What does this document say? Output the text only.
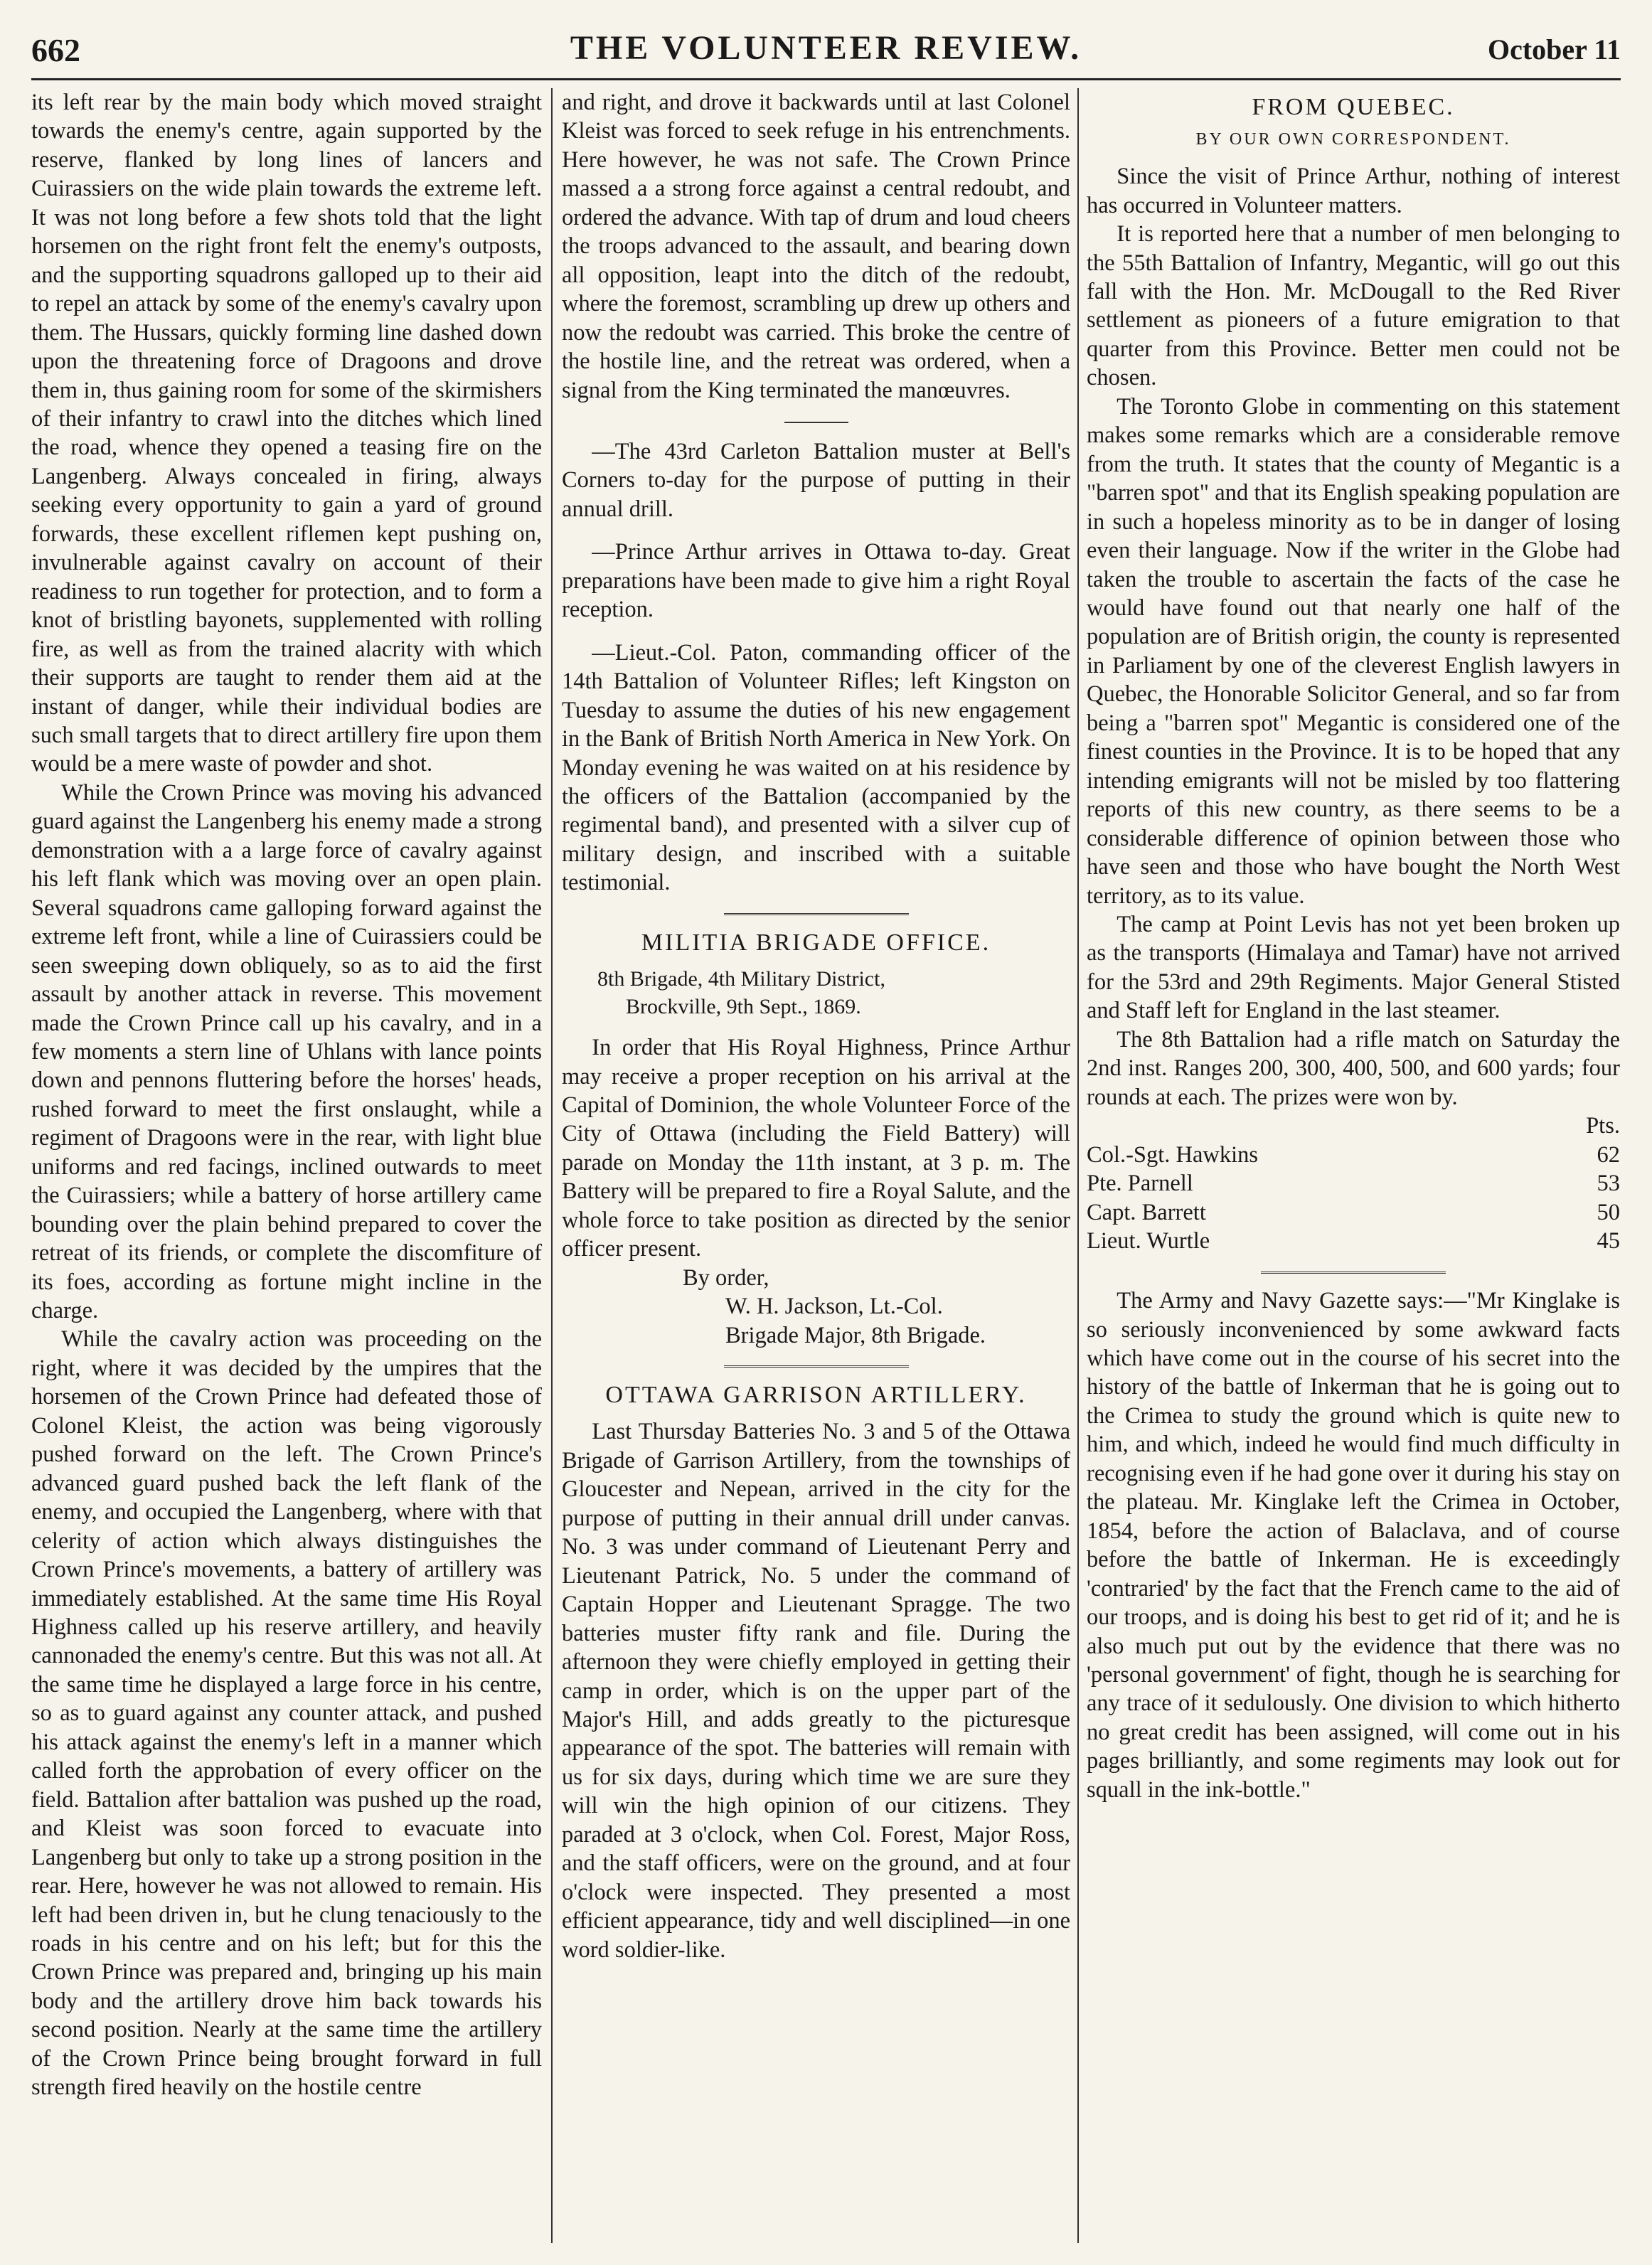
662	THE VOLUNTEER REVIEW.	October 11

its left rear by the main body which moved straight towards the enemy's centre, again supported by the reserve, flanked by long lines of lancers and Cuirassiers on the wide plain towards the extreme left. It was not long before a few shots told that the light horsemen on the right front felt the enemy's outposts, and the supporting squadrons galloped up to their aid to repel an attack by some of the enemy's cavalry upon them. The Hussars, quickly forming line dashed down upon the threatening force of Dragoons and drove them in, thus gaining room for some of the skirmishers of their infantry to crawl into the ditches which lined the road, whence they opened a teasing fire on the Langenberg. Always concealed in firing, always seeking every opportunity to gain a yard of ground forwards, these excellent riflemen kept pushing on, invulnerable against cavalry on account of their readiness to run together for protection, and to form a knot of bristling bayonets, supplemented with rolling fire, as well as from the trained alacrity with which their supports are taught to render them aid at the instant of danger, while their individual bodies are such small targets that to direct artillery fire upon them would be a mere waste of powder and shot.

While the Crown Prince was moving his advanced guard against the Langenberg his enemy made a strong demonstration with a a large force of cavalry against his left flank which was moving over an open plain. Several squadrons came galloping forward against the extreme left front, while a line of Cuirassiers could be seen sweeping down obliquely, so as to aid the first assault by another attack in reverse. This movement made the Crown Prince call up his cavalry, and in a few moments a stern line of Uhlans with lance points down and pennons fluttering before the horses' heads, rushed forward to meet the first onslaught, while a regiment of Dragoons were in the rear, with light blue uniforms and red facings, inclined outwards to meet the Cuirassiers; while a battery of horse artillery came bounding over the plain behind prepared to cover the retreat of its friends, or complete the discomfiture of its foes, according as fortune might incline in the charge.

While the cavalry action was proceeding on the right, where it was decided by the umpires that the horsemen of the Crown Prince had defeated those of Colonel Kleist, the action was being vigorously pushed forward on the left. The Crown Prince's advanced guard pushed back the left flank of the enemy, and occupied the Langenberg, where with that celerity of action which always distinguishes the Crown Prince's movements, a battery of artillery was immediately established. At the same time His Royal Highness called up his reserve artillery, and heavily cannonaded the enemy's centre. But this was not all. At the same time he displayed a large force in his centre, so as to guard against any counter attack, and pushed his attack against the enemy's left in a manner which called forth the approbation of every officer on the field. Battalion after battalion was pushed up the road, and Kleist was soon forced to evacuate into Langenberg but only to take up a strong position in the rear. Here, however he was not allowed to remain. His left had been driven in, but he clung tenaciously to the roads in his centre and on his left; but for this the Crown Prince was prepared and, bringing up his main body and the artillery drove him back towards his second position. Nearly at the same time the artillery of the Crown Prince being brought forward in full strength fired heavily on the hostile centre

and right, and drove it backwards until at last Colonel Kleist was forced to seek refuge in his entrenchments. Here however, he was not safe. The Crown Prince massed a a strong force against a central redoubt, and ordered the advance. With tap of drum and loud cheers the troops advanced to the assault, and bearing down all opposition, leapt into the ditch of the redoubt, where the foremost, scrambling up drew up others and now the redoubt was carried. This broke the centre of the hostile line, and the retreat was ordered, when a signal from the King terminated the manœuvres.

—The 43rd Carleton Battalion muster at Bell's Corners to-day for the purpose of putting in their annual drill.

—Prince Arthur arrives in Ottawa to-day. Great preparations have been made to give him a right Royal reception.

—Lieut.-Col. Paton, commanding officer of the 14th Battalion of Volunteer Rifles; left Kingston on Tuesday to assume the duties of his new engagement in the Bank of British North America in New York. On Monday evening he was waited on at his residence by the officers of the Battalion (accompanied by the regimental band), and presented with a silver cup of military design, and inscribed with a suitable testimonial.

MILITIA BRIGADE OFFICE.
8th Brigade, 4th Military District,
Brockville, 9th Sept., 1869.

In order that His Royal Highness, Prince Arthur may receive a proper reception on his arrival at the Capital of Dominion, the whole Volunteer Force of the City of Ottawa (including the Field Battery) will parade on Monday the 11th instant, at 3 p. m. The Battery will be prepared to fire a Royal Salute, and the whole force to take position as directed by the senior officer present.

By order,

W. H. Jackson, Lt.-Col.

Brigade Major, 8th Brigade.

OTTAWA GARRISON ARTILLERY.

Last Thursday Batteries No. 3 and 5 of the Ottawa Brigade of Garrison Artillery, from the townships of Gloucester and Nepean, arrived in the city for the purpose of putting in their annual drill under canvas. No. 3 was under command of Lieutenant Perry and Lieutenant Patrick, No. 5 under the command of Captain Hopper and Lieutenant Spragge. The two batteries muster fifty rank and file. During the afternoon they were chiefly employed in getting their camp in order, which is on the upper part of the Major's Hill, and adds greatly to the picturesque appearance of the spot. The batteries will remain with us for six days, during which time we are sure they will win the high opinion of our citizens. They paraded at 3 o'clock, when Col. Forest, Major Ross, and the staff officers, were on the ground, and at four o'clock were inspected. They presented a most efficient appearance, tidy and well disciplined—in one word soldier-like.

FROM QUEBEC.
BY OUR OWN CORRESPONDENT.

Since the visit of Prince Arthur, nothing of interest has occurred in Volunteer matters.

It is reported here that a number of men belonging to the 55th Battalion of Infantry, Megantic, will go out this fall with the Hon. Mr. McDougall to the Red River settlement as pioneers of a future emigration to that quarter from this Province. Better men could not be chosen.

The Toronto Globe in commenting on this statement makes some remarks which are a considerable remove from the truth. It states that the county of Megantic is a "barren spot" and that its English speaking population are in such a hopeless minority as to be in danger of losing even their language. Now if the writer in the Globe had taken the trouble to ascertain the facts of the case he would have found out that nearly one half of the population are of British origin, the county is represented in Parliament by one of the cleverest English lawyers in Quebec, the Honorable Solicitor General, and so far from being a "barren spot" Megantic is considered one of the finest counties in the Province. It is to be hoped that any intending emigrants will not be misled by too flattering reports of this new country, as there seems to be a considerable difference of opinion between those who have seen and those who have bought the North West territory, as to its value.

The camp at Point Levis has not yet been broken up as the transports (Himalaya and Tamar) have not arrived for the 53rd and 29th Regiments. Major General Stisted and Staff left for England in the last steamer.

The 8th Battalion had a rifle match on Saturday the 2nd inst. Ranges 200, 300, 400, 500, and 600 yards; four rounds at each. The prizes were won by.

Pts.	
Col.-Sgt. Hawkins	62
Pte. Parnell	53
Capt. Barrett	50
Lieut. Wurtle	45

The Army and Navy Gazette says:—"Mr Kinglake is so seriously inconvenienced by some awkward facts which have come out in the course of his secret into the history of the battle of Inkerman that he is going out to the Crimea to study the ground which is quite new to him, and which, indeed he would find much difficulty in recognising even if he had gone over it during his stay on the plateau. Mr. Kinglake left the Crimea in October, 1854, before the action of Balaclava, and of course before the battle of Inkerman. He is exceedingly 'contraried' by the fact that the French came to the aid of our troops, and is doing his best to get rid of it; and he is also much put out by the evidence that there was no 'personal government' of fight, though he is searching for any trace of it sedulously. One division to which hitherto no great credit has been assigned, will come out in his pages brilliantly, and some regiments may look out for squall in the ink-bottle."
